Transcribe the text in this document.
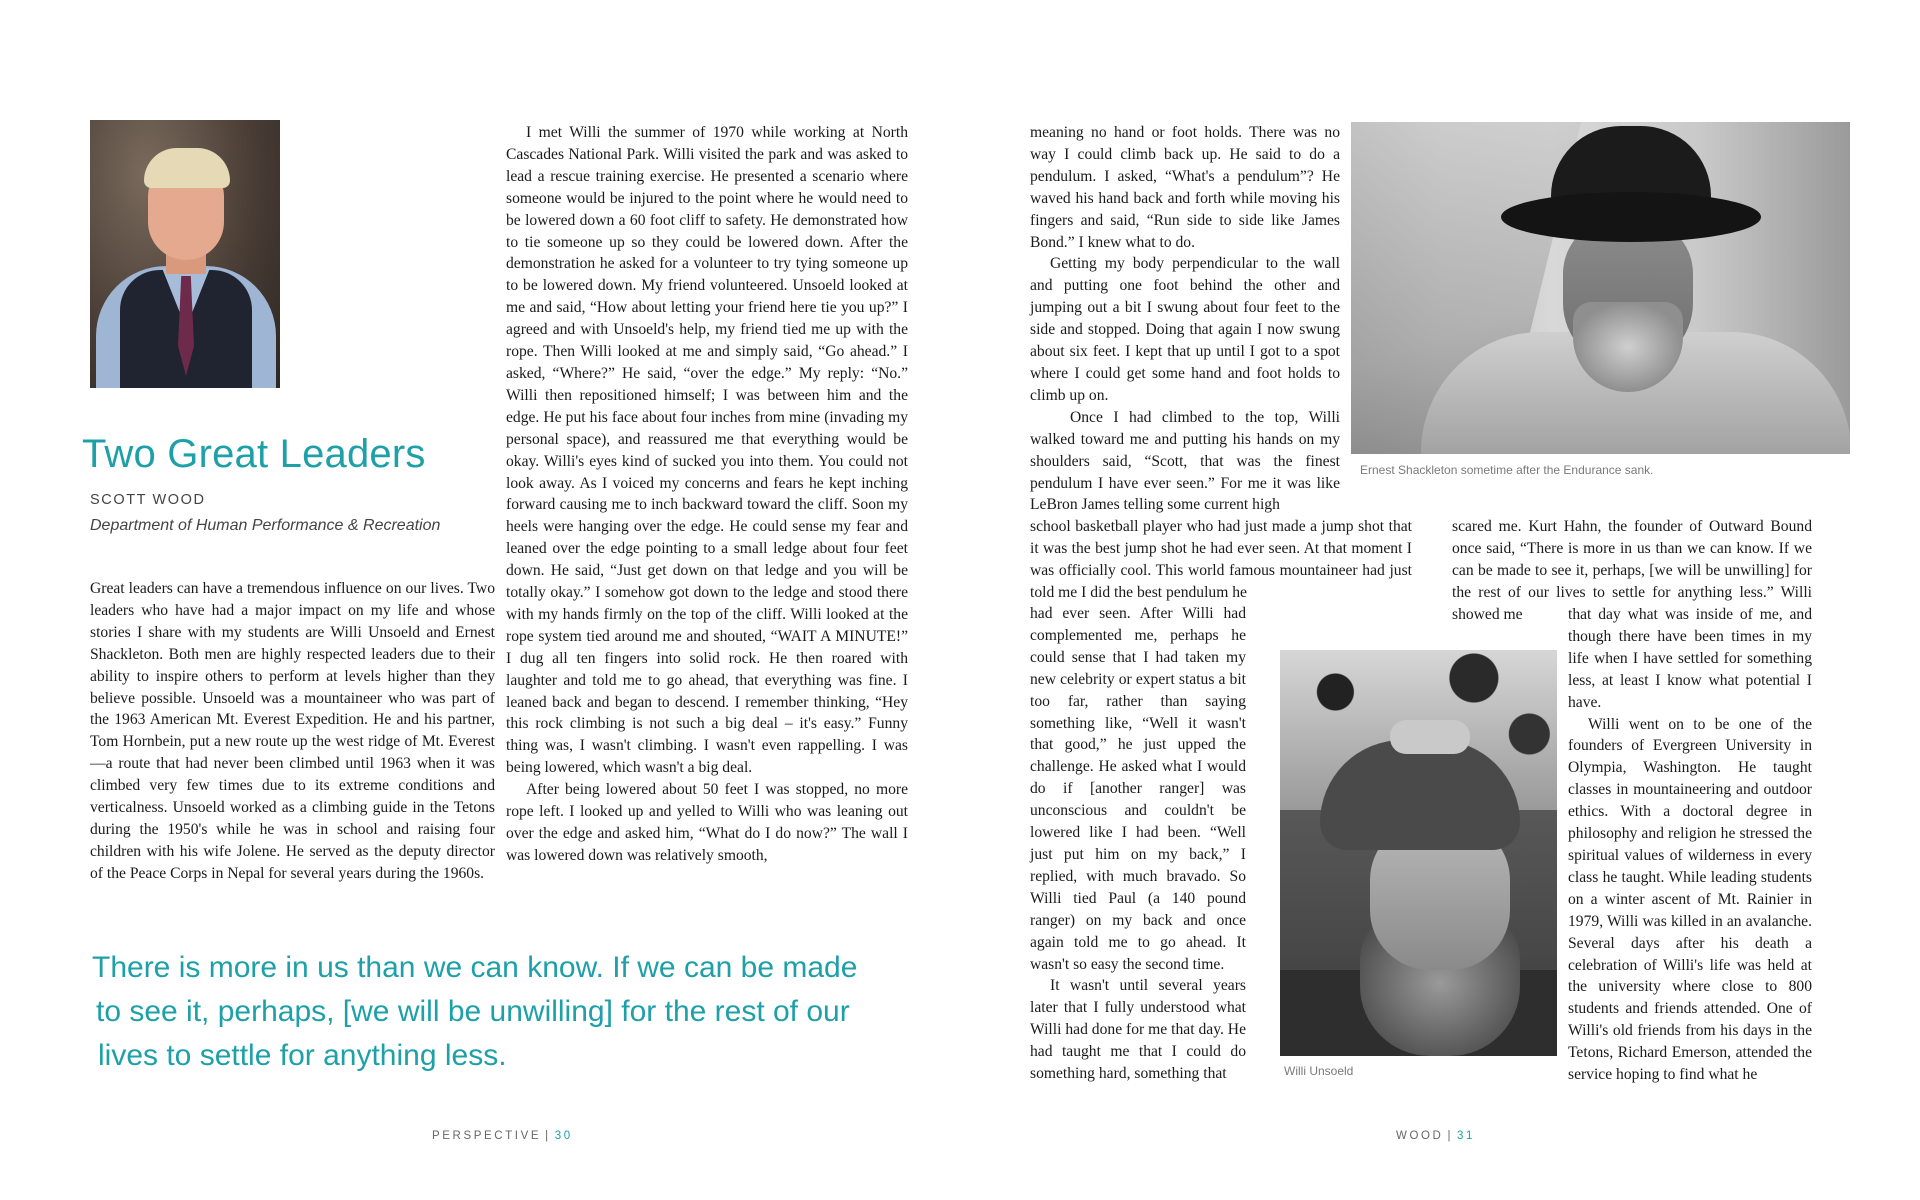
Two Great Leaders
SCOTT WOOD
Department of Human Performance & Recreation

Great leaders can have a tremendous influence on our lives. Two leaders who have had a major impact on my life and whose stories I share with my students are Willi Unsoeld and Ernest Shackleton. Both men are highly respected leaders due to their ability to inspire others to perform at levels higher than they believe possible. Unsoeld was a mountaineer who was part of the 1963 American Mt. Everest Expedition. He and his partner, Tom Hornbein, put a new route up the west ridge of Mt. Everest—a route that had never been climbed until 1963 when it was climbed very few times due to its extreme conditions and verticalness. Unsoeld worked as a climbing guide in the Tetons during the 1950's while he was in school and raising four children with his wife Jolene. He served as the deputy director of the Peace Corps in Nepal for several years during the 1960s.

I met Willi the summer of 1970 while working at North Cascades National Park. Willi visited the park and was asked to lead a rescue training exercise. He presented a scenario where someone would be injured to the point where he would need to be lowered down a 60 foot cliff to safety. He demonstrated how to tie someone up so they could be lowered down. After the demonstration he asked for a volunteer to try tying someone up to be lowered down. My friend volunteered. Unsoeld looked at me and said, “How about letting your friend here tie you up?” I agreed and with Unsoeld's help, my friend tied me up with the rope. Then Willi looked at me and simply said, “Go ahead.” I asked, “Where?” He said, “over the edge.” My reply: “No.” Willi then repositioned himself; I was between him and the edge. He put his face about four inches from mine (invading my personal space), and reassured me that everything would be okay. Willi's eyes kind of sucked you into them. You could not look away. As I voiced my concerns and fears he kept inching forward causing me to inch backward toward the cliff. Soon my heels were hanging over the edge. He could sense my fear and leaned over the edge pointing to a small ledge about four feet down. He said, “Just get down on that ledge and you will be totally okay.” I somehow got down to the ledge and stood there with my hands firmly on the top of the cliff. Willi looked at the rope system tied around me and shouted, “WAIT A MINUTE!” I dug all ten fingers into solid rock. He then roared with laughter and told me to go ahead, that everything was fine. I leaned back and began to descend. I remember thinking, “Hey this rock climbing is not such a big deal – it's easy.” Funny thing was, I wasn't climbing. I wasn't even rappelling. I was being lowered, which wasn't a big deal.

After being lowered about 50 feet I was stopped, no more rope left. I looked up and yelled to Willi who was leaning out over the edge and asked him, “What do I do now?” The wall I was lowered down was relatively smooth,

There is more in us than we can know. If we can be made
to see it, perhaps, [we will be unwilling] for the rest of our
lives to settle for anything less.
PERSPECTIVE | 30

meaning no hand or foot holds. There was no way I could climb back up. He said to do a pendulum. I asked, “What's a pendulum”? He waved his hand back and forth while moving his fingers and said, “Run side to side like James Bond.” I knew what to do.

Getting my body perpendicular to the wall and putting one foot behind the other and jumping out a bit I swung about four feet to the side and stopped. Doing that again I now swung about six feet. I kept that up until I got to a spot where I could get some hand and foot holds to climb up on.

Once I had climbed to the top, Willi walked toward me and putting his hands on my shoulders said, “Scott, that was the finest pendulum I have ever seen.” For me it was like LeBron James telling some current high

school basketball player who had just made a jump shot that it was the best jump shot he had ever seen. At that moment I was officially cool. This world famous mountaineer had just told me I did the best pendulum he

had ever seen. After Willi had complemented me, perhaps he could sense that I had taken my new celebrity or expert status a bit too far, rather than saying something like, “Well it wasn't that good,” he just upped the challenge. He asked what I would do if [another ranger] was unconscious and couldn't be lowered like I had been. “Well just put him on my back,” I replied, with much bravado. So Willi tied Paul (a 140 pound ranger) on my back and once again told me to go ahead. It wasn't so easy the second time.

It wasn't until several years later that I fully understood what Willi had done for me that day. He had taught me that I could do something hard, something that

Ernest Shackleton sometime after the Endurance sank.

scared me. Kurt Hahn, the founder of Outward Bound once said, “There is more in us than we can know. If we can be made to see it, perhaps, [we will be unwilling] for the rest of our lives to settle for anything less.” Willi showed me

Willi Unsoeld

that day what was inside of me, and though there have been times in my life when I have settled for something less, at least I know what potential I have.

Willi went on to be one of the founders of Evergreen University in Olympia, Washington. He taught classes in mountaineering and outdoor ethics. With a doctoral degree in philosophy and religion he stressed the spiritual values of wilderness in every class he taught. While leading students on a winter ascent of Mt. Rainier in 1979, Willi was killed in an avalanche. Several days after his death a celebration of Willi's life was held at the university where close to 800 students and friends attended. One of Willi's old friends from his days in the Tetons, Richard Emerson, attended the service hoping to find what he

WOOD | 31
